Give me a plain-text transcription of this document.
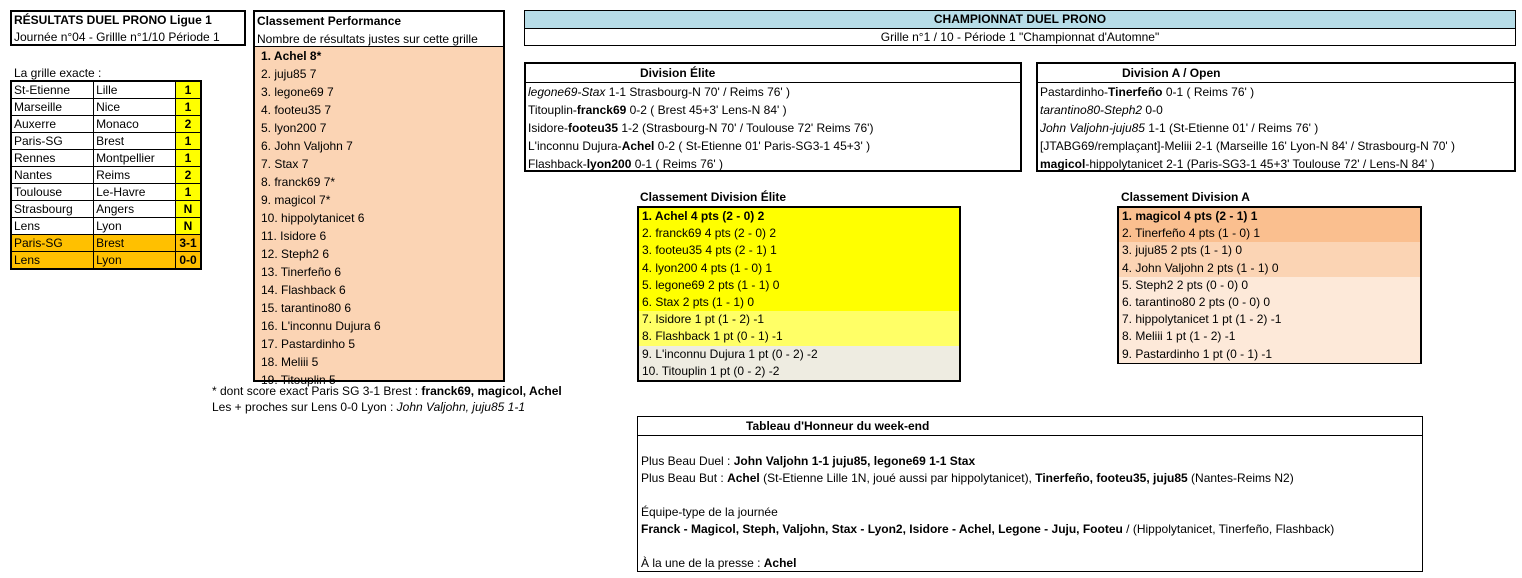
RÉSULTATS DUEL PRONO Ligue 1
Journée n°04 - Grillle n°1/10 Période 1
Classement Performance
Nombre de résultats justes sur cette grille
1. Achel 8*
2. juju85 7
3. legone69 7
4. footeu35 7
5. lyon200 7
6. John Valjohn 7
7. Stax 7
8. franck69 7*
9. magicol 7*
10. hippolytanicet 6
11. Isidore 6
12. Steph2 6
13. Tinerfeño 6
14. Flashback 6
15. tarantino80 6
16. L'inconnu Dujura 6
17. Pastardinho 5
18. Meliii 5
19. Titouplin 5
CHAMPIONNAT DUEL PRONO
Grille n°1 / 10 - Période 1 "Championnat d'Automne"
La grille exacte :
St-Etienne	Lille	1
Marseille	Nice	1
Auxerre	Monaco	2
Paris-SG	Brest	1
Rennes	Montpellier	1
Nantes	Reims	2
Toulouse	Le-Havre	1
Strasbourg	Angers	N
Lens	Lyon	N
Paris-SG	Brest	3-1
Lens	Lyon	0-0
* dont score exact Paris SG 3-1 Brest : franck69, magicol, Achel
Les + proches sur Lens 0-0 Lyon : John Valjohn, juju85 1-1
Division Élite
legone69-Stax 1-1 Strasbourg-N 70' / Reims 76' )
Titouplin-franck69 0-2 ( Brest 45+3' Lens-N 84' )
Isidore-footeu35 1-2 (Strasbourg-N 70' / Toulouse 72' Reims 76')
L'inconnu Dujura-Achel 0-2 ( St-Etienne 01' Paris-SG3-1 45+3' )
Flashback-lyon200 0-1 ( Reims 76' )
Division A / Open
Pastardinho-Tinerfeño 0-1 ( Reims 76' )
tarantino80-Steph2 0-0
John Valjohn-juju85 1-1 (St-Etienne 01' / Reims 76' )
[JTABG69/remplaçant]-Meliii 2-1 (Marseille 16' Lyon-N 84' / Strasbourg-N 70' )
magicol-hippolytanicet 2-1 (Paris-SG3-1 45+3' Toulouse 72' / Lens-N 84' )
Classement Division Élite
1. Achel 4 pts (2 - 0) 2
2. franck69 4 pts (2 - 0) 2
3. footeu35 4 pts (2 - 1) 1
4. lyon200 4 pts (1 - 0) 1
5. legone69 2 pts (1 - 1) 0
6. Stax 2 pts (1 - 1) 0
7. Isidore 1 pt (1 - 2) -1
8. Flashback 1 pt (0 - 1) -1
9. L'inconnu Dujura 1 pt (0 - 2) -2
10. Titouplin 1 pt (0 - 2) -2
Classement Division A
1. magicol 4 pts (2 - 1) 1
2. Tinerfeño 4 pts (1 - 0) 1
3. juju85 2 pts (1 - 1) 0
4. John Valjohn 2 pts (1 - 1) 0
5. Steph2 2 pts (0 - 0) 0
6. tarantino80 2 pts (0 - 0) 0
7. hippolytanicet 1 pt (1 - 2) -1
8. Meliii 1 pt (1 - 2) -1
9. Pastardinho 1 pt (0 - 1) -1
Tableau d'Honneur du week-end
Plus Beau Duel : John Valjohn 1-1 juju85, legone69 1-1 Stax
Plus Beau But : Achel (St-Etienne Lille 1N, joué aussi par hippolytanicet), Tinerfeño, footeu35, juju85 (Nantes-Reims N2)
Équipe-type de la journée
Franck - Magicol, Steph, Valjohn, Stax - Lyon2, Isidore - Achel, Legone - Juju, Footeu / (Hippolytanicet, Tinerfeño, Flashback)
À la une de la presse : Achel
